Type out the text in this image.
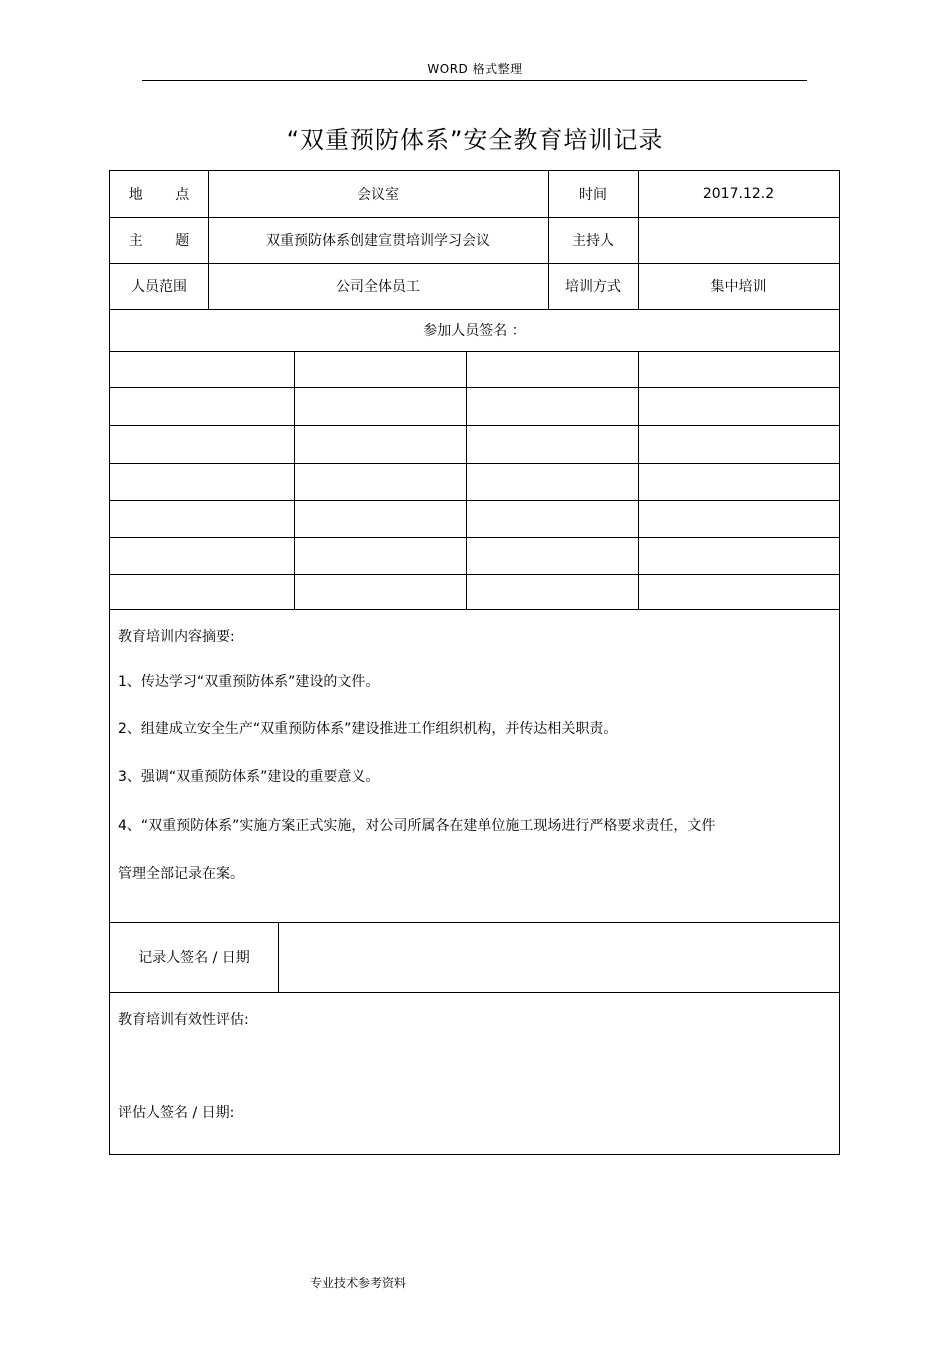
WORD 格式整理
“双重预防体系”安全教育培训记录
地 点	会议室	时间	2017.12.2
主 题	双重预防体系创建宣贯培训学习会议	主持人
人员范围	公司全体员工	培训方式	集中培训
参加人员签名 ：
教育培训内容摘要:
1、传达学习“双重预防体系”建设的文件。
2、组建成立安全生产“双重预防体系”建设推进工作组织机构，并传达相关职责。
3、强调“双重预防体系”建设的重要意义。
4、“双重预防体系”实施方案正式实施，对公司所属各在建单位施工现场进行严格要求责任，文件
管理全部记录在案。
记录人签名 / 日期
教育培训有效性评估:
评估人签名 / 日期:
专业技术参考资料
